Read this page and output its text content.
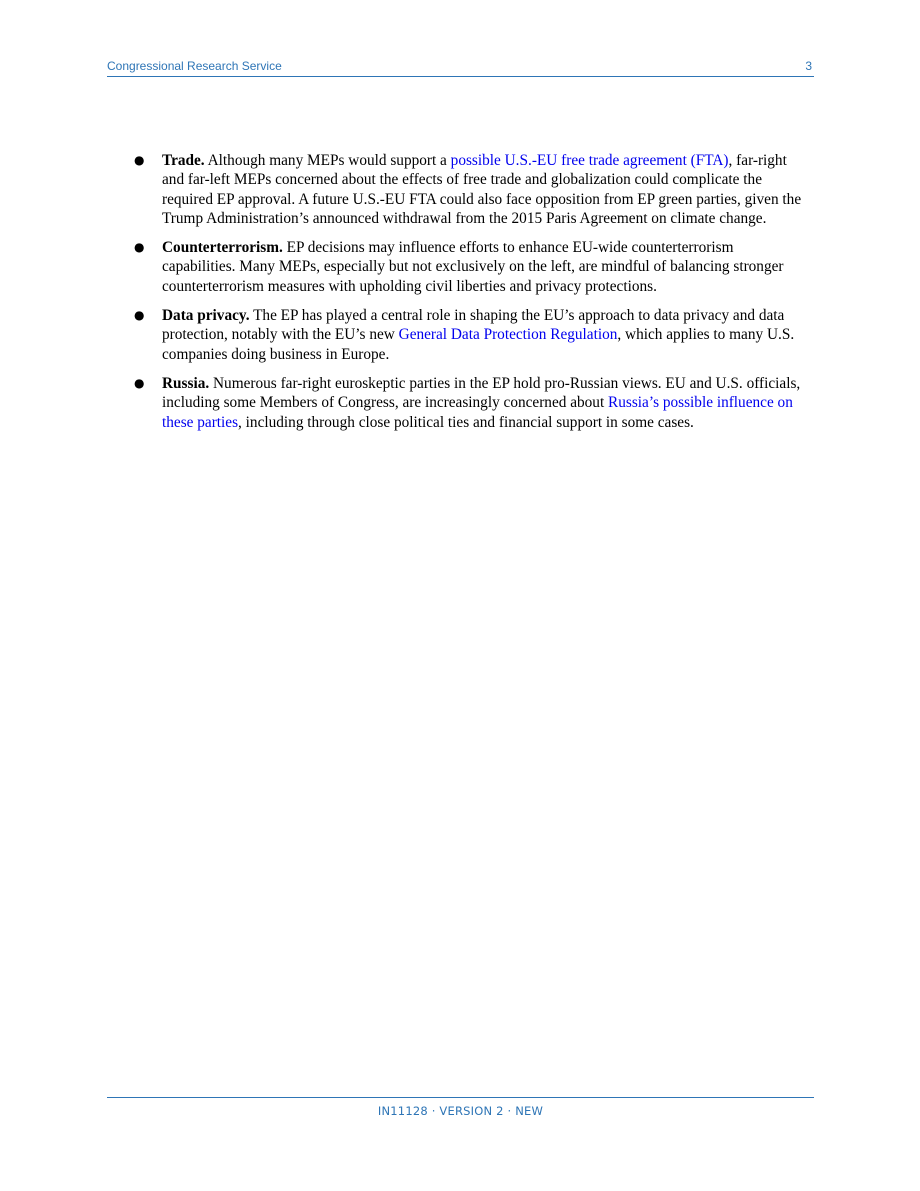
Congressional Research Service	3
● Trade. Although many MEPs would support a possible U.S.-EU free trade agreement (FTA), far-right and far-left MEPs concerned about the effects of free trade and globalization could complicate the required EP approval. A future U.S.-EU FTA could also face opposition from EP green parties, given the Trump Administration’s announced withdrawal from the 2015 Paris Agreement on climate change.
● Counterterrorism. EP decisions may influence efforts to enhance EU-wide counterterrorism capabilities. Many MEPs, especially but not exclusively on the left, are mindful of balancing stronger counterterrorism measures with upholding civil liberties and privacy protections.
● Data privacy. The EP has played a central role in shaping the EU’s approach to data privacy and data protection, notably with the EU’s new General Data Protection Regulation, which applies to many U.S. companies doing business in Europe.
● Russia. Numerous far-right euroskeptic parties in the EP hold pro-Russian views. EU and U.S. officials, including some Members of Congress, are increasingly concerned about Russia’s possible influence on these parties, including through close political ties and financial support in some cases.
IN11128 · VERSION 2 · NEW
